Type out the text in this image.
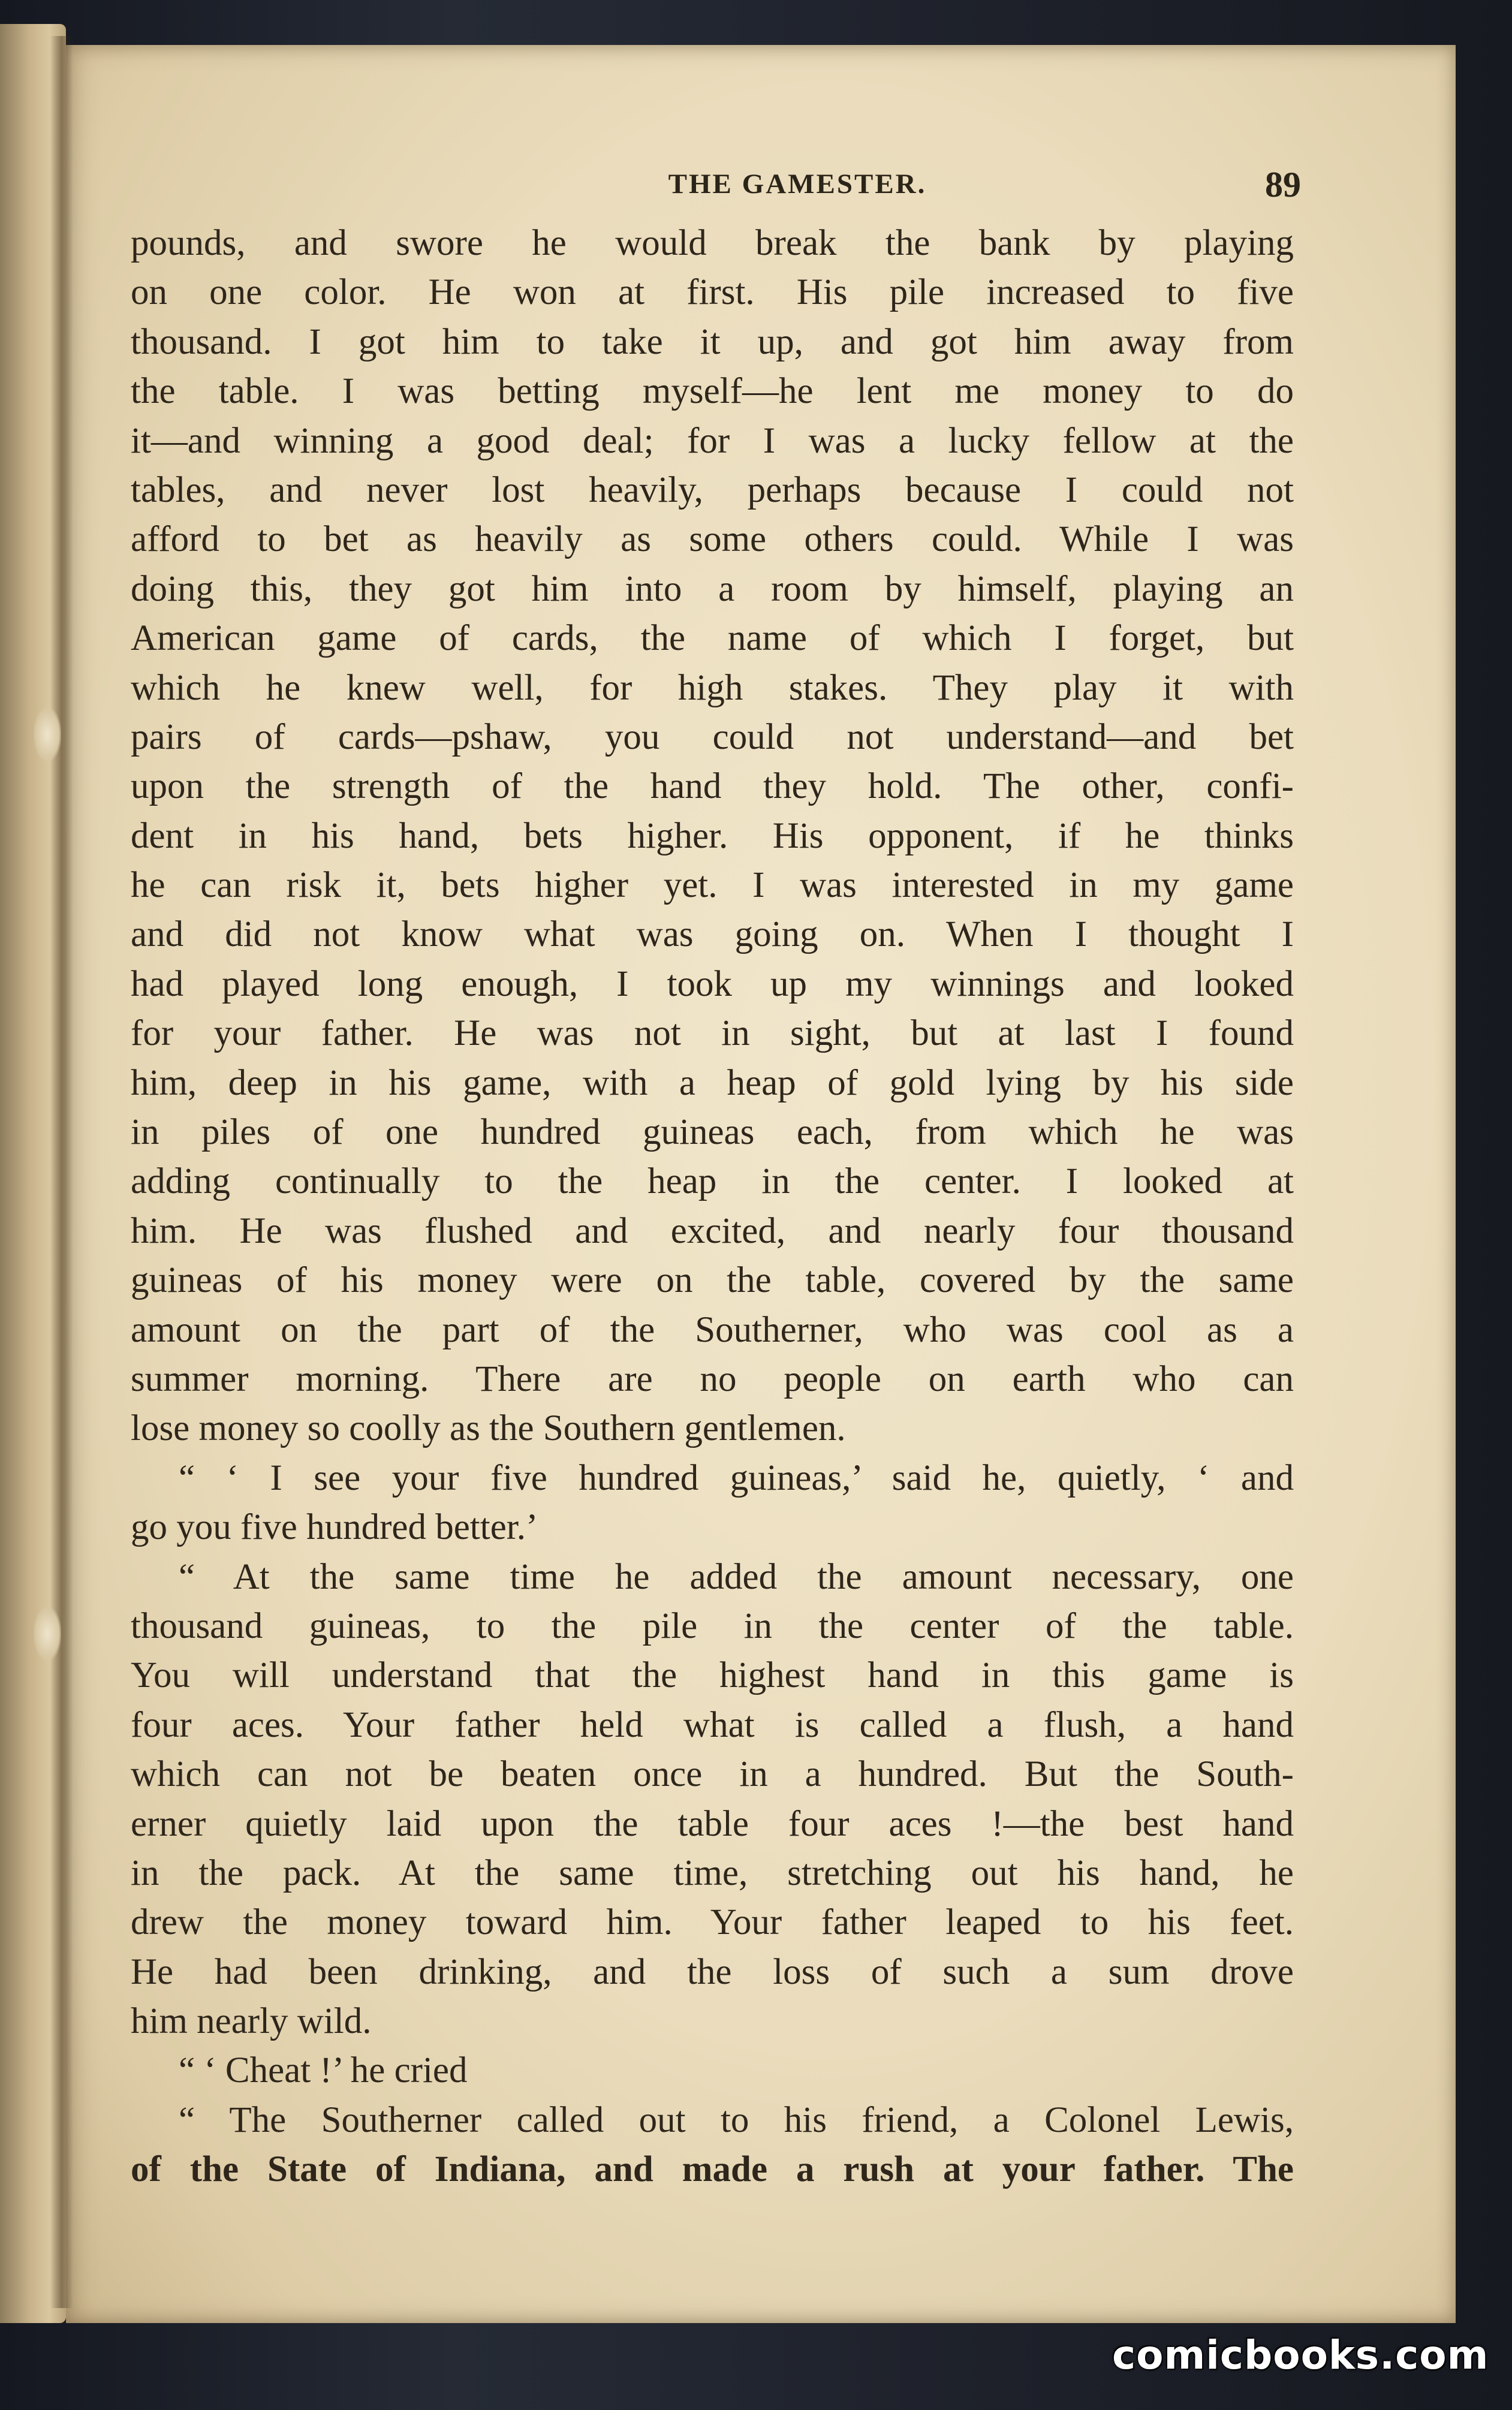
THE GAMESTER.	89
pounds, and swore he would break the bank by playing
on one color. He won at first. His pile increased to five
thousand. I got him to take it up, and got him away from
the table. I was betting myself—he lent me money to do
it—and winning a good deal; for I was a lucky fellow at the
tables, and never lost heavily, perhaps because I could not
afford to bet as heavily as some others could. While I was
doing this, they got him into a room by himself, playing an
American game of cards, the name of which I forget, but
which he knew well, for high stakes. They play it with
pairs of cards—pshaw, you could not understand—and bet
upon the strength of the hand they hold. The other, confi-
dent in his hand, bets higher. His opponent, if he thinks
he can risk it, bets higher yet. I was interested in my game
and did not know what was going on. When I thought I
had played long enough, I took up my winnings and looked
for your father. He was not in sight, but at last I found
him, deep in his game, with a heap of gold lying by his side
in piles of one hundred guineas each, from which he was
adding continually to the heap in the center. I looked at
him. He was flushed and excited, and nearly four thousand
guineas of his money were on the table, covered by the same
amount on the part of the Southerner, who was cool as a
summer morning. There are no people on earth who can
lose money so coolly as the Southern gentlemen.
“ ‘ I see your five hundred guineas,’ said he, quietly, ‘ and
go you five hundred better.’
“ At the same time he added the amount necessary, one
thousand guineas, to the pile in the center of the table.
You will understand that the highest hand in this game is
four aces. Your father held what is called a flush, a hand
which can not be beaten once in a hundred. But the South-
erner quietly laid upon the table four aces !—the best hand
in the pack. At the same time, stretching out his hand, he
drew the money toward him. Your father leaped to his feet.
He had been drinking, and the loss of such a sum drove
him nearly wild.
“ ‘ Cheat !’ he cried
“ The Southerner called out to his friend, a Colonel Lewis,
of the State of Indiana, and made a rush at your father. The
comicbooks.com
